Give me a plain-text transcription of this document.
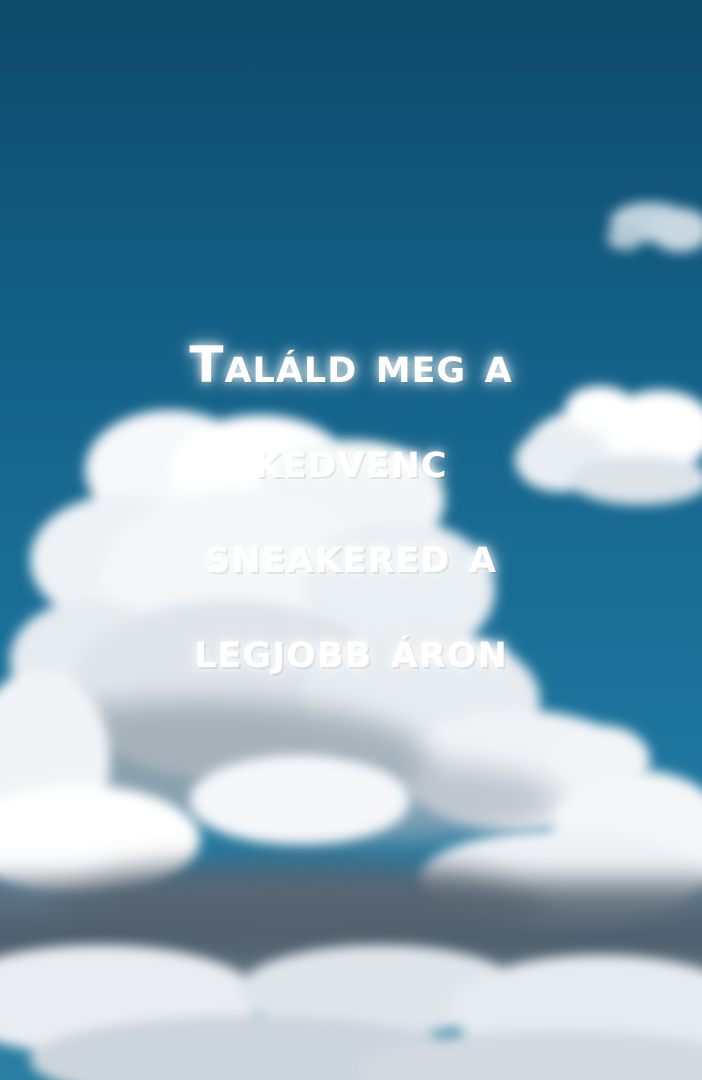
Találd meg a
kedvenc
sneakered a
legjobb áron
